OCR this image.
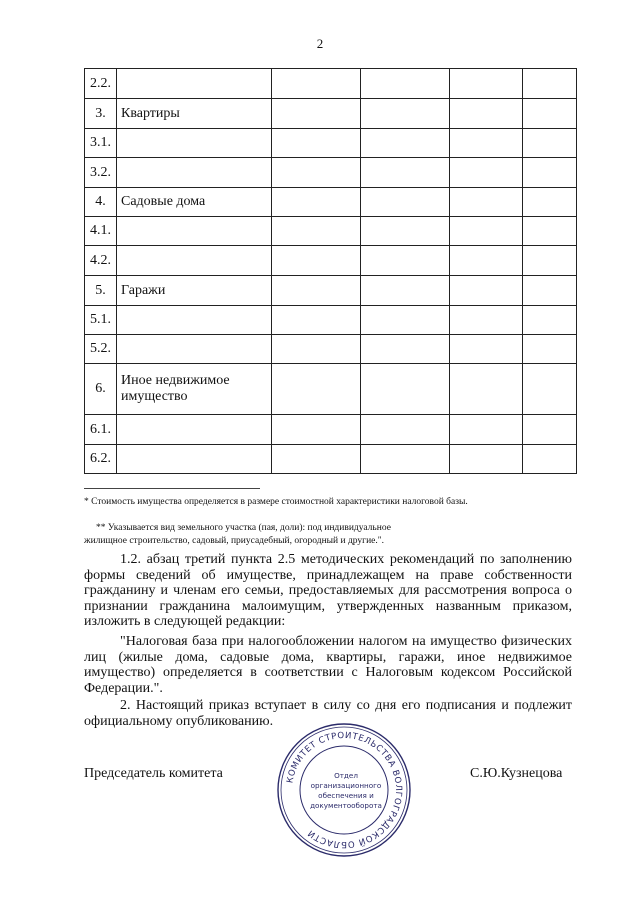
2
2.2.					
3.	Квартиры				
3.1.					
3.2.					
4.	Садовые дома				
4.1.					
4.2.					
5.	Гаражи				
5.1.					
5.2.					
6.	Иное недвижимое имущество				
6.1.					
6.2.					
* Стоимость имущества определяется в размере стоимостной характеристики налоговой базы.
** Указывается вид земельного участка (пая, доли): под индивидуальное
жилищное строительство, садовый, приусадебный, огородный и другие.".
1.2. абзац третий пункта 2.5 методических рекомендаций по заполнению формы сведений об имуществе, принадлежащем на праве собственности гражданину и членам его семьи, предоставляемых для рассмотрения вопроса о признании гражданина малоимущим, утвержденных названным приказом, изложить в следующей редакции:
"Налоговая база при налогообложении налогом на имущество физических лиц (жилые дома, садовые дома, квартиры, гаражи, иное недвижимое имущество) определяется в соответствии с Налоговым кодексом Российской Федерации.".
2. Настоящий приказ вступает в силу со дня его подписания и подлежит официальному опубликованию.
Председатель комитета	С.Ю.Кузнецова
КОМИТЕТ СТРОИТЕЛЬСТВА ВОЛГОГРАДСКОЙ ОБЛАСТИ
Отдел
организационного
обеспечения и
документооборота
